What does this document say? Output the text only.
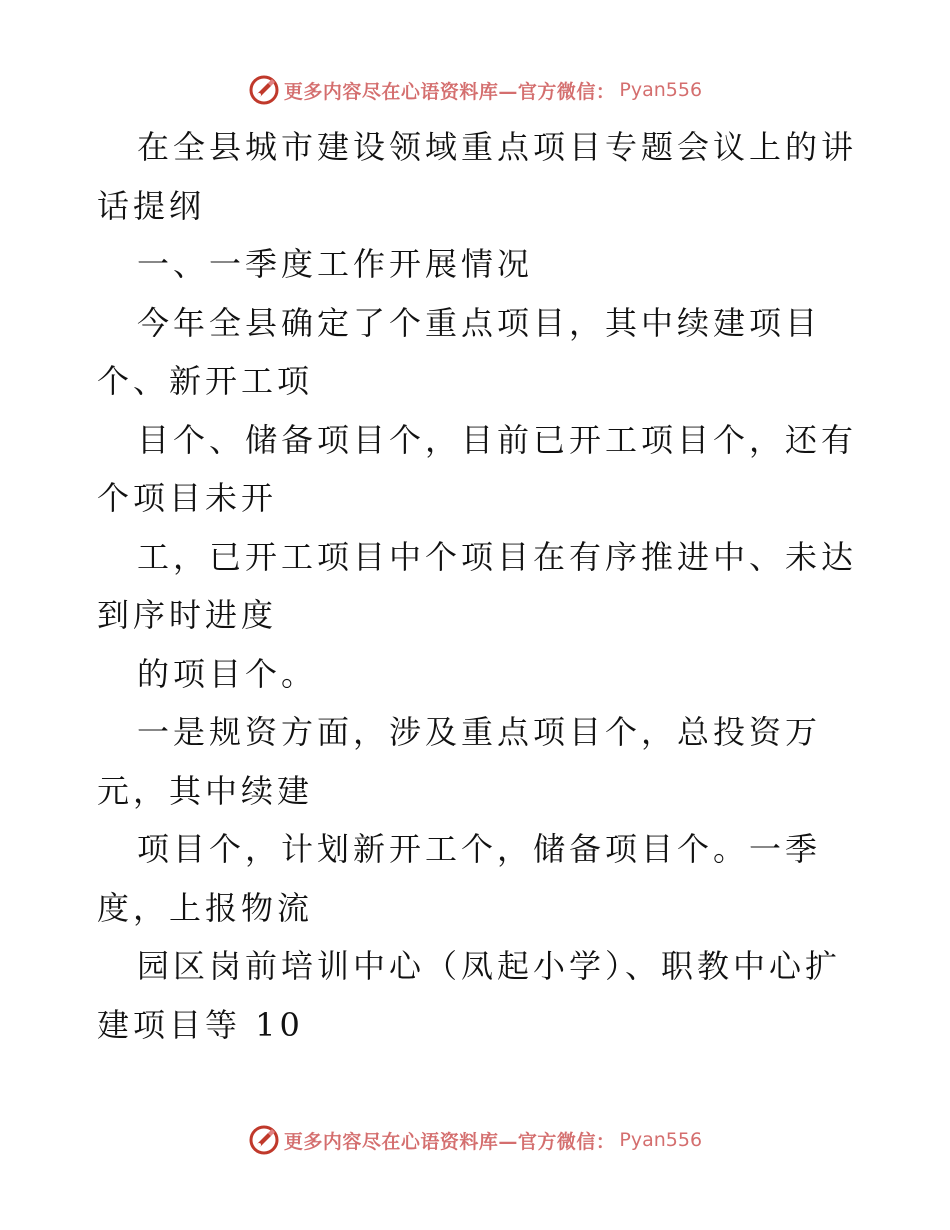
更多内容尽在心语资料库—官方微信： Pyan556

在全县城市建设领域重点项目专题会议上的讲话提纲

一、一季度工作开展情况

今年全县确定了个重点项目，其中续建项目个、新开工项

目个、储备项目个，目前已开工项目个，还有个项目未开

工，已开工项目中个项目在有序推进中、未达到序时进度

的项目个。

一是规资方面，涉及重点项目个，总投资万元，其中续建

项目个，计划新开工个，储备项目个。一季度，上报物流

园区岗前培训中心（凤起小学）、职教中心扩建项目等 10

更多内容尽在心语资料库—官方微信： Pyan556
